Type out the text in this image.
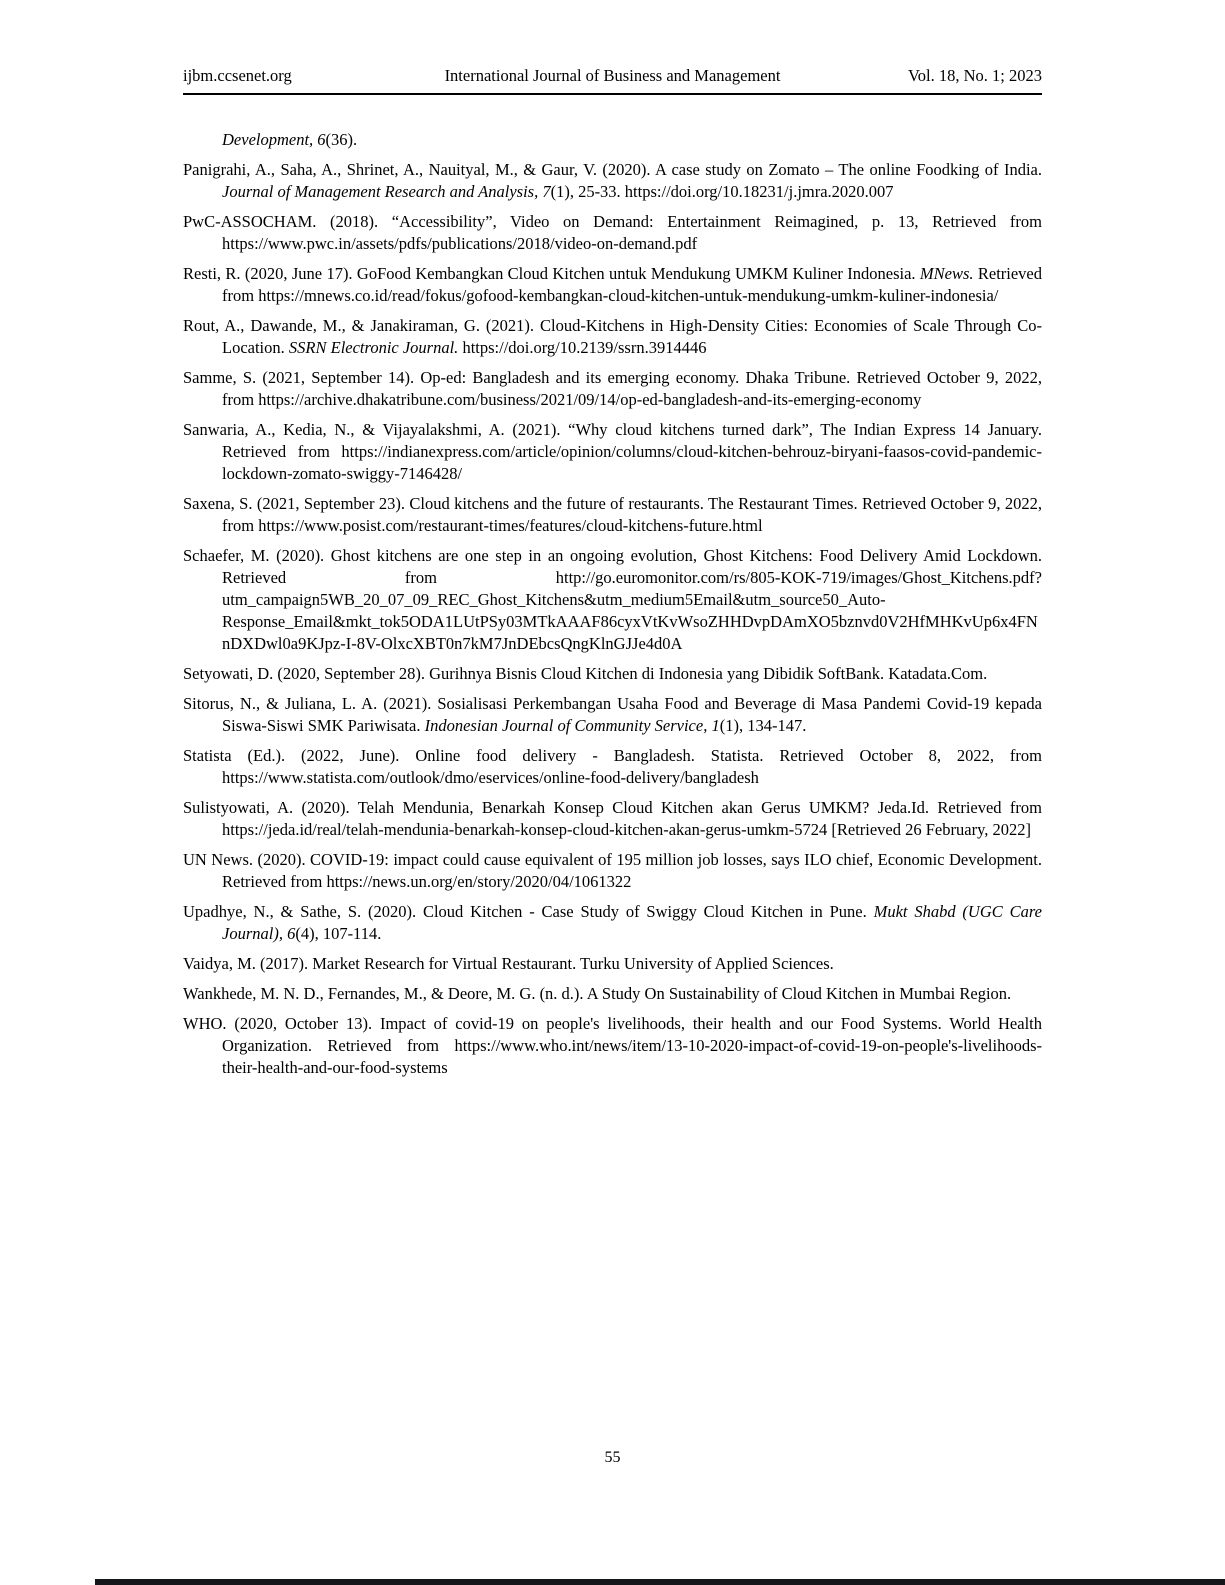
ijbm.ccsenet.org	International Journal of Business and Management	Vol. 18, No. 1; 2023

Development, 6(36).

Panigrahi, A., Saha, A., Shrinet, A., Nauityal, M., & Gaur, V. (2020). A case study on Zomato – The online Foodking of India. Journal of Management Research and Analysis, 7(1), 25-33. https://doi.org/10.18231/j.jmra.2020.007

PwC-ASSOCHAM. (2018). “Accessibility”, Video on Demand: Entertainment Reimagined, p. 13, Retrieved from https://www.pwc.in/assets/pdfs/publications/2018/video-on-demand.pdf

Resti, R. (2020, June 17). GoFood Kembangkan Cloud Kitchen untuk Mendukung UMKM Kuliner Indonesia. MNews. Retrieved from https://mnews.co.id/read/fokus/gofood-kembangkan-cloud-kitchen-untuk-mendukung-umkm-kuliner-indonesia/

Rout, A., Dawande, M., & Janakiraman, G. (2021). Cloud-Kitchens in High-Density Cities: Economies of Scale Through Co-Location. SSRN Electronic Journal. https://doi.org/10.2139/ssrn.3914446

Samme, S. (2021, September 14). Op-ed: Bangladesh and its emerging economy. Dhaka Tribune. Retrieved October 9, 2022, from https://archive.dhakatribune.com/business/2021/09/14/op-ed-bangladesh-and-its-emerging-economy

Sanwaria, A., Kedia, N., & Vijayalakshmi, A. (2021). “Why cloud kitchens turned dark”, The Indian Express 14 January. Retrieved from https://indianexpress.com/article/opinion/columns/cloud-kitchen-behrouz-biryani-faasos-covid-pandemic-lockdown-zomato-swiggy-7146428/

Saxena, S. (2021, September 23). Cloud kitchens and the future of restaurants. The Restaurant Times. Retrieved October 9, 2022, from https://www.posist.com/restaurant-times/features/cloud-kitchens-future.html

Schaefer, M. (2020). Ghost kitchens are one step in an ongoing evolution, Ghost Kitchens: Food Delivery Amid Lockdown. Retrieved from http://go.euromonitor.com/rs/805-KOK-719/images/Ghost_Kitchens.pdf?utm_campaign5WB_20_07_09_REC_Ghost_Kitchens&utm_medium5Email&utm_source50_Auto-Response_Email&mkt_tok5ODA1LUtPSy03MTkAAAF86cyxVtKvWsoZHHDvpDAmXO5bznvd0V2HfMHKvUp6x4FNnDXDwl0a9KJpz-I-8V-OlxcXBT0n7kM7JnDEbcsQngKlnGJJe4d0A

Setyowati, D. (2020, September 28). Gurihnya Bisnis Cloud Kitchen di Indonesia yang Dibidik SoftBank. Katadata.Com.

Sitorus, N., & Juliana, L. A. (2021). Sosialisasi Perkembangan Usaha Food and Beverage di Masa Pandemi Covid-19 kepada Siswa-Siswi SMK Pariwisata. Indonesian Journal of Community Service, 1(1), 134-147.

Statista (Ed.). (2022, June). Online food delivery - Bangladesh. Statista. Retrieved October 8, 2022, from https://www.statista.com/outlook/dmo/eservices/online-food-delivery/bangladesh

Sulistyowati, A. (2020). Telah Mendunia, Benarkah Konsep Cloud Kitchen akan Gerus UMKM? Jeda.Id. Retrieved from https://jeda.id/real/telah-mendunia-benarkah-konsep-cloud-kitchen-akan-gerus-umkm-5724 [Retrieved 26 February, 2022]

UN News. (2020). COVID-19: impact could cause equivalent of 195 million job losses, says ILO chief, Economic Development. Retrieved from https://news.un.org/en/story/2020/04/1061322

Upadhye, N., & Sathe, S. (2020). Cloud Kitchen - Case Study of Swiggy Cloud Kitchen in Pune. Mukt Shabd (UGC Care Journal), 6(4), 107-114.

Vaidya, M. (2017). Market Research for Virtual Restaurant. Turku University of Applied Sciences.

Wankhede, M. N. D., Fernandes, M., & Deore, M. G. (n. d.). A Study On Sustainability of Cloud Kitchen in Mumbai Region.

WHO. (2020, October 13). Impact of covid-19 on people's livelihoods, their health and our Food Systems. World Health Organization. Retrieved from https://www.who.int/news/item/13-10-2020-impact-of-covid-19-on-people's-livelihoods-their-health-and-our-food-systems

55
